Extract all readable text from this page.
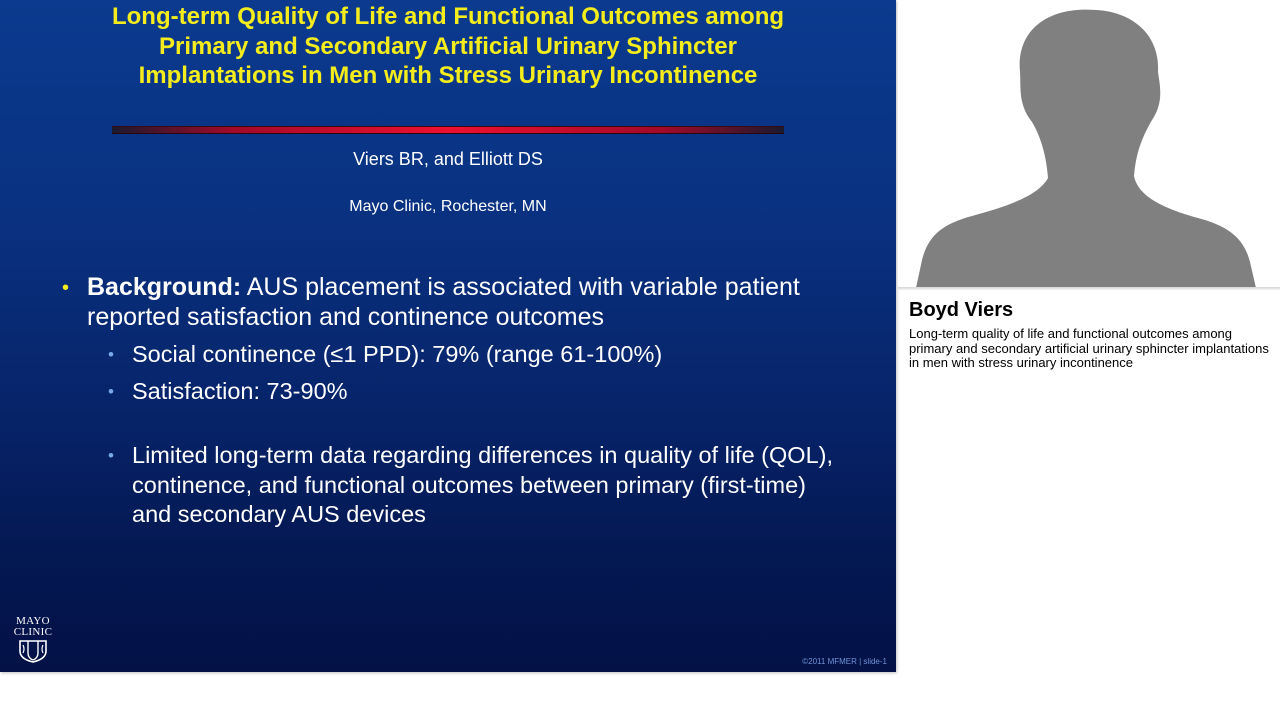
Long-term Quality of Life and Functional Outcomes among Primary and Secondary Artificial Urinary Sphincter Implantations in Men with Stress Urinary Incontinence
Viers BR, and Elliott DS
Mayo Clinic, Rochester, MN
• Background: AUS placement is associated with variable patient reported satisfaction and continence outcomes
• Social continence (≤1 PPD): 79% (range 61-100%)
• Satisfaction: 73-90%
• Limited long-term data regarding differences in quality of life (QOL), continence, and functional outcomes between primary (first-time) and secondary AUS devices
MAYO
CLINIC
©2011 MFMER | slide-1
Boyd Viers
Long-term quality of life and functional outcomes among primary and secondary artificial urinary sphincter implantations in men with stress urinary incontinence
